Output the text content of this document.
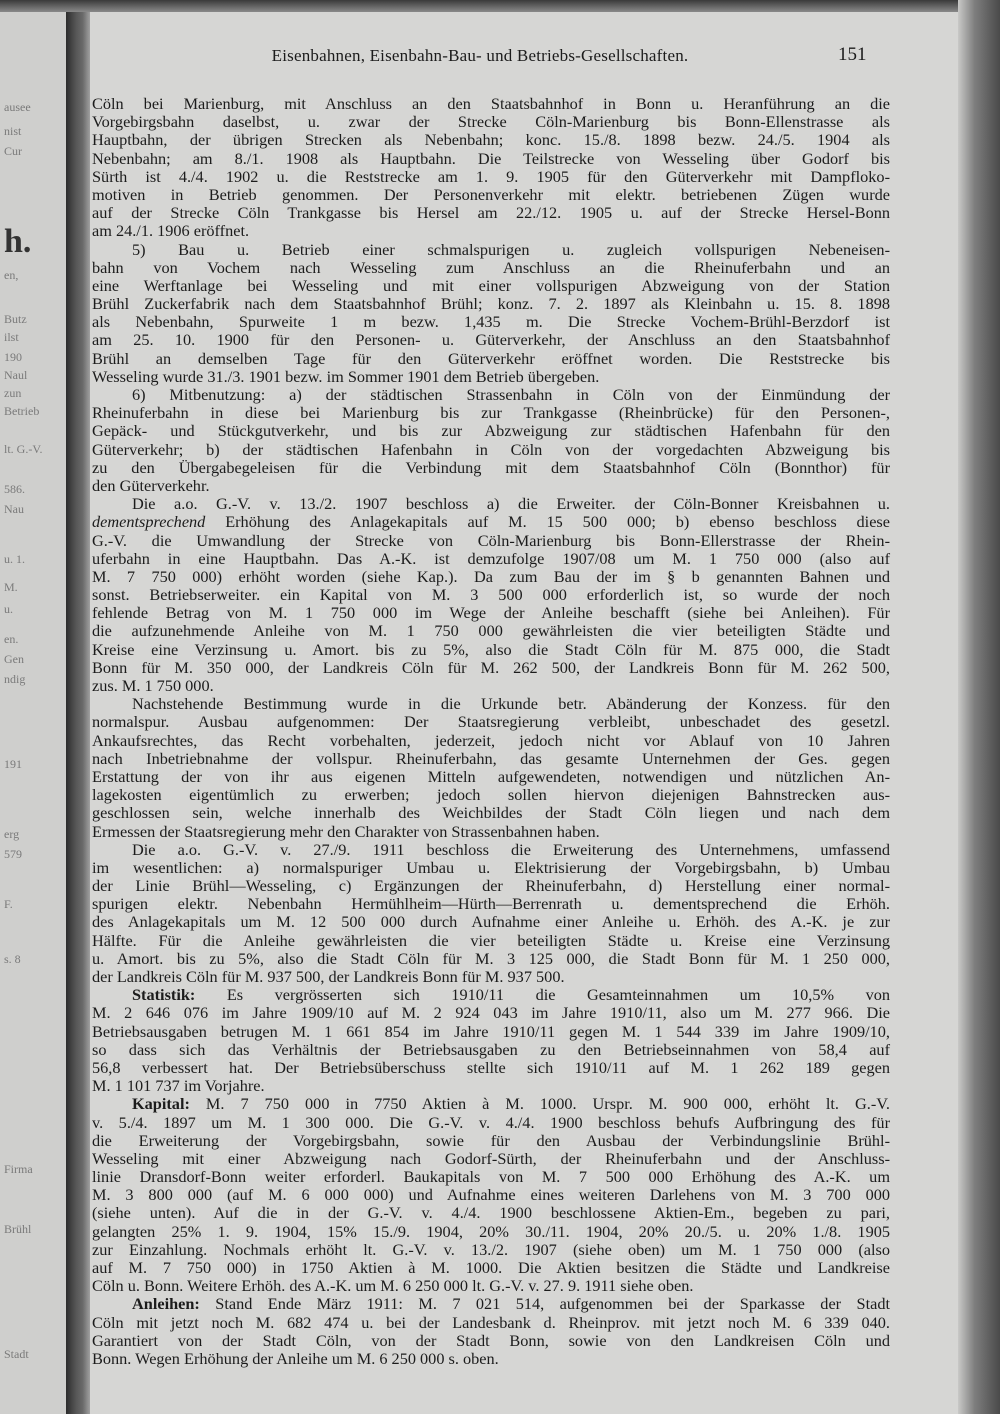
ausee
nist
Cur
h.
en,
Butz
ilst
190
Naul
zun
Betrieb
lt. G.-V.
586.
Nau
u. 1.
M.
u.
en.
Gen
ndig
191
erg
579
F.
s. 8
Firma
Brühl
Stadt
Eisenbahnen, Eisenbahn-Bau- und Betriebs-Gesellschaften.	151
Cöln bei Marienburg, mit Anschluss an den Staatsbahnhof in Bonn u. Heranführung an die
Vorgebirgsbahn daselbst, u. zwar der Strecke Cöln-Marienburg bis Bonn-Ellenstrasse als
Hauptbahn, der übrigen Strecken als Nebenbahn; konc. 15./8. 1898 bezw. 24./5. 1904 als
Nebenbahn; am 8./1. 1908 als Hauptbahn. Die Teilstrecke von Wesseling über Godorf bis
Sürth ist 4./4. 1902 u. die Reststrecke am 1. 9. 1905 für den Güterverkehr mit Dampfloko-
motiven in Betrieb genommen. Der Personenverkehr mit elektr. betriebenen Zügen wurde
auf der Strecke Cöln Trankgasse bis Hersel am 22./12. 1905 u. auf der Strecke Hersel-Bonn
am 24./1. 1906 eröffnet.
5) Bau u. Betrieb einer schmalspurigen u. zugleich vollspurigen Nebeneisen-
bahn von Vochem nach Wesseling zum Anschluss an die Rheinuferbahn und an
eine Werftanlage bei Wesseling und mit einer vollspurigen Abzweigung von der Station
Brühl Zuckerfabrik nach dem Staatsbahnhof Brühl; konz. 7. 2. 1897 als Kleinbahn u. 15. 8. 1898
als Nebenbahn, Spurweite 1 m bezw. 1,435 m. Die Strecke Vochem-Brühl-Berzdorf ist
am 25. 10. 1900 für den Personen- u. Güterverkehr, der Anschluss an den Staatsbahnhof
Brühl an demselben Tage für den Güterverkehr eröffnet worden. Die Reststrecke bis
Wesseling wurde 31./3. 1901 bezw. im Sommer 1901 dem Betrieb übergeben.
6) Mitbenutzung: a) der städtischen Strassenbahn in Cöln von der Einmündung der
Rheinuferbahn in diese bei Marienburg bis zur Trankgasse (Rheinbrücke) für den Personen-,
Gepäck- und Stückgutverkehr, und bis zur Abzweigung zur städtischen Hafenbahn für den
Güterverkehr; b) der städtischen Hafenbahn in Cöln von der vorgedachten Abzweigung bis
zu den Übergabegeleisen für die Verbindung mit dem Staatsbahnhof Cöln (Bonnthor) für
den Güterverkehr.
Die a.o. G.-V. v. 13./2. 1907 beschloss a) die Erweiter. der Cöln-Bonner Kreisbahnen u.
dementsprechend Erhöhung des Anlagekapitals auf M. 15 500 000; b) ebenso beschloss diese
G.-V. die Umwandlung der Strecke von Cöln-Marienburg bis Bonn-Ellerstrasse der Rhein-
uferbahn in eine Hauptbahn. Das A.-K. ist demzufolge 1907/08 um M. 1 750 000 (also auf
M. 7 750 000) erhöht worden (siehe Kap.). Da zum Bau der im § b genannten Bahnen und
sonst. Betriebserweiter. ein Kapital von M. 3 500 000 erforderlich ist, so wurde der noch
fehlende Betrag von M. 1 750 000 im Wege der Anleihe beschafft (siehe bei Anleihen). Für
die aufzunehmende Anleihe von M. 1 750 000 gewährleisten die vier beteiligten Städte und
Kreise eine Verzinsung u. Amort. bis zu 5%, also die Stadt Cöln für M. 875 000, die Stadt
Bonn für M. 350 000, der Landkreis Cöln für M. 262 500, der Landkreis Bonn für M. 262 500,
zus. M. 1 750 000.
Nachstehende Bestimmung wurde in die Urkunde betr. Abänderung der Konzess. für den
normalspur. Ausbau aufgenommen: Der Staatsregierung verbleibt, unbeschadet des gesetzl.
Ankaufsrechtes, das Recht vorbehalten, jederzeit, jedoch nicht vor Ablauf von 10 Jahren
nach Inbetriebnahme der vollspur. Rheinuferbahn, das gesamte Unternehmen der Ges. gegen
Erstattung der von ihr aus eigenen Mitteln aufgewendeten, notwendigen und nützlichen An-
lagekosten eigentümlich zu erwerben; jedoch sollen hiervon diejenigen Bahnstrecken aus-
geschlossen sein, welche innerhalb des Weichbildes der Stadt Cöln liegen und nach dem
Ermessen der Staatsregierung mehr den Charakter von Strassenbahnen haben.
Die a.o. G.-V. v. 27./9. 1911 beschloss die Erweiterung des Unternehmens, umfassend
im wesentlichen: a) normalspuriger Umbau u. Elektrisierung der Vorgebirgsbahn, b) Umbau
der Linie Brühl—Wesseling, c) Ergänzungen der Rheinuferbahn, d) Herstellung einer normal-
spurigen elektr. Nebenbahn Hermühlheim—Hürth—Berrenrath u. dementsprechend die Erhöh.
des Anlagekapitals um M. 12 500 000 durch Aufnahme einer Anleihe u. Erhöh. des A.-K. je zur
Hälfte. Für die Anleihe gewährleisten die vier beteiligten Städte u. Kreise eine Verzinsung
u. Amort. bis zu 5%, also die Stadt Cöln für M. 3 125 000, die Stadt Bonn für M. 1 250 000,
der Landkreis Cöln für M. 937 500, der Landkreis Bonn für M. 937 500.
Statistik: Es vergrösserten sich 1910/11 die Gesamteinnahmen um 10,5% von
M. 2 646 076 im Jahre 1909/10 auf M. 2 924 043 im Jahre 1910/11, also um M. 277 966. Die
Betriebsausgaben betrugen M. 1 661 854 im Jahre 1910/11 gegen M. 1 544 339 im Jahre 1909/10,
so dass sich das Verhältnis der Betriebsausgaben zu den Betriebseinnahmen von 58,4 auf
56,8 verbessert hat. Der Betriebsüberschuss stellte sich 1910/11 auf M. 1 262 189 gegen
M. 1 101 737 im Vorjahre.
Kapital: M. 7 750 000 in 7750 Aktien à M. 1000. Urspr. M. 900 000, erhöht lt. G.-V.
v. 5./4. 1897 um M. 1 300 000. Die G.-V. v. 4./4. 1900 beschloss behufs Aufbringung des für
die Erweiterung der Vorgebirgsbahn, sowie für den Ausbau der Verbindungslinie Brühl-
Wesseling mit einer Abzweigung nach Godorf-Sürth, der Rheinuferbahn und der Anschluss-
linie Dransdorf-Bonn weiter erforderl. Baukapitals von M. 7 500 000 Erhöhung des A.-K. um
M. 3 800 000 (auf M. 6 000 000) und Aufnahme eines weiteren Darlehens von M. 3 700 000
(siehe unten). Auf die in der G.-V. v. 4./4. 1900 beschlossene Aktien-Em., begeben zu pari,
gelangten 25% 1. 9. 1904, 15% 15./9. 1904, 20% 30./11. 1904, 20% 20./5. u. 20% 1./8. 1905
zur Einzahlung. Nochmals erhöht lt. G.-V. v. 13./2. 1907 (siehe oben) um M. 1 750 000 (also
auf M. 7 750 000) in 1750 Aktien à M. 1000. Die Aktien besitzen die Städte und Landkreise
Cöln u. Bonn. Weitere Erhöh. des A.-K. um M. 6 250 000 lt. G.-V. v. 27. 9. 1911 siehe oben.
Anleihen: Stand Ende März 1911: M. 7 021 514, aufgenommen bei der Sparkasse der Stadt
Cöln mit jetzt noch M. 682 474 u. bei der Landesbank d. Rheinprov. mit jetzt noch M. 6 339 040.
Garantiert von der Stadt Cöln, von der Stadt Bonn, sowie von den Landkreisen Cöln und
Bonn. Wegen Erhöhung der Anleihe um M. 6 250 000 s. oben.
